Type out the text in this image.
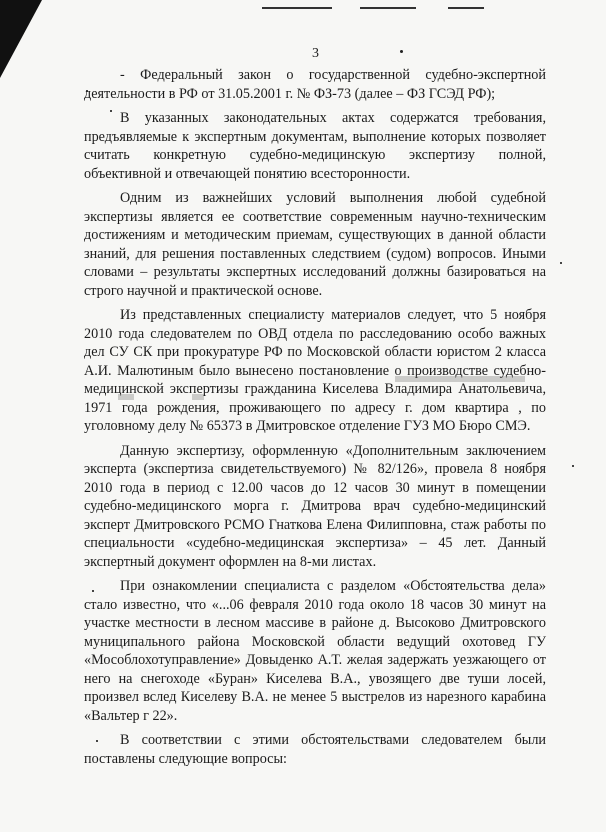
3

- Федеральный закон о государственной судебно-экспертной деятельности в РФ от 31.05.2001 г. № ФЗ-73 (далее – ФЗ ГСЭД РФ);

В указанных законодательных актах содержатся требования, предъявляемые к экспертным документам, выполнение которых позволяет считать конкретную судебно-медицинскую экспертизу полной, объективной и отвечающей понятию всесторонности.

Одним из важнейших условий выполнения любой судебной экспертизы является ее соответствие современным научно-техническим достижениям и методическим приемам, существующих в данной области знаний, для решения поставленных следствием (судом) вопросов. Иными словами – результаты экспертных исследований должны базироваться на строго научной и практической основе.

Из представленных специалисту материалов следует, что 5 ноября 2010 года следователем по ОВД отдела по расследованию особо важных дел СУ СК при прокуратуре РФ по Московской области юристом 2 класса А.И. Малютиным было вынесено постановление о производстве судебно-медицинской экспертизы гражданина Киселева Владимира Анатольевича, 1971 года рождения, проживающего по адресу г. дом квартира , по уголовному делу № 65373 в Дмитровское отделение ГУЗ МО Бюро СМЭ.

Данную экспертизу, оформленную «Дополнительным заключением эксперта (экспертиза свидетельствуемого) № 82/126», провела 8 ноября 2010 года в период с 12.00 часов до 12 часов 30 минут в помещении судебно-медицинского морга г. Дмитрова врач судебно-медицинский эксперт Дмитровского РСМО Гнаткова Елена Филипповна, стаж работы по специальности «судебно-медицинская экспертиза» – 45 лет. Данный экспертный документ оформлен на 8-ми листах.

При ознакомлении специалиста с разделом «Обстоятельства дела» стало известно, что «...06 февраля 2010 года около 18 часов 30 минут на участке местности в лесном массиве в районе д. Высоково Дмитровского муниципального района Московской области ведущий охотовед ГУ «Мособлохотуправление» Довыденко А.Т. желая задержать уезжающего от него на снегоходе «Буран» Киселева В.А., увозящего две туши лосей, произвел вслед Киселеву В.А. не менее 5 выстрелов из нарезного карабина «Вальтер г 22».

В соответствии с этими обстоятельствами следователем были поставлены следующие вопросы:
